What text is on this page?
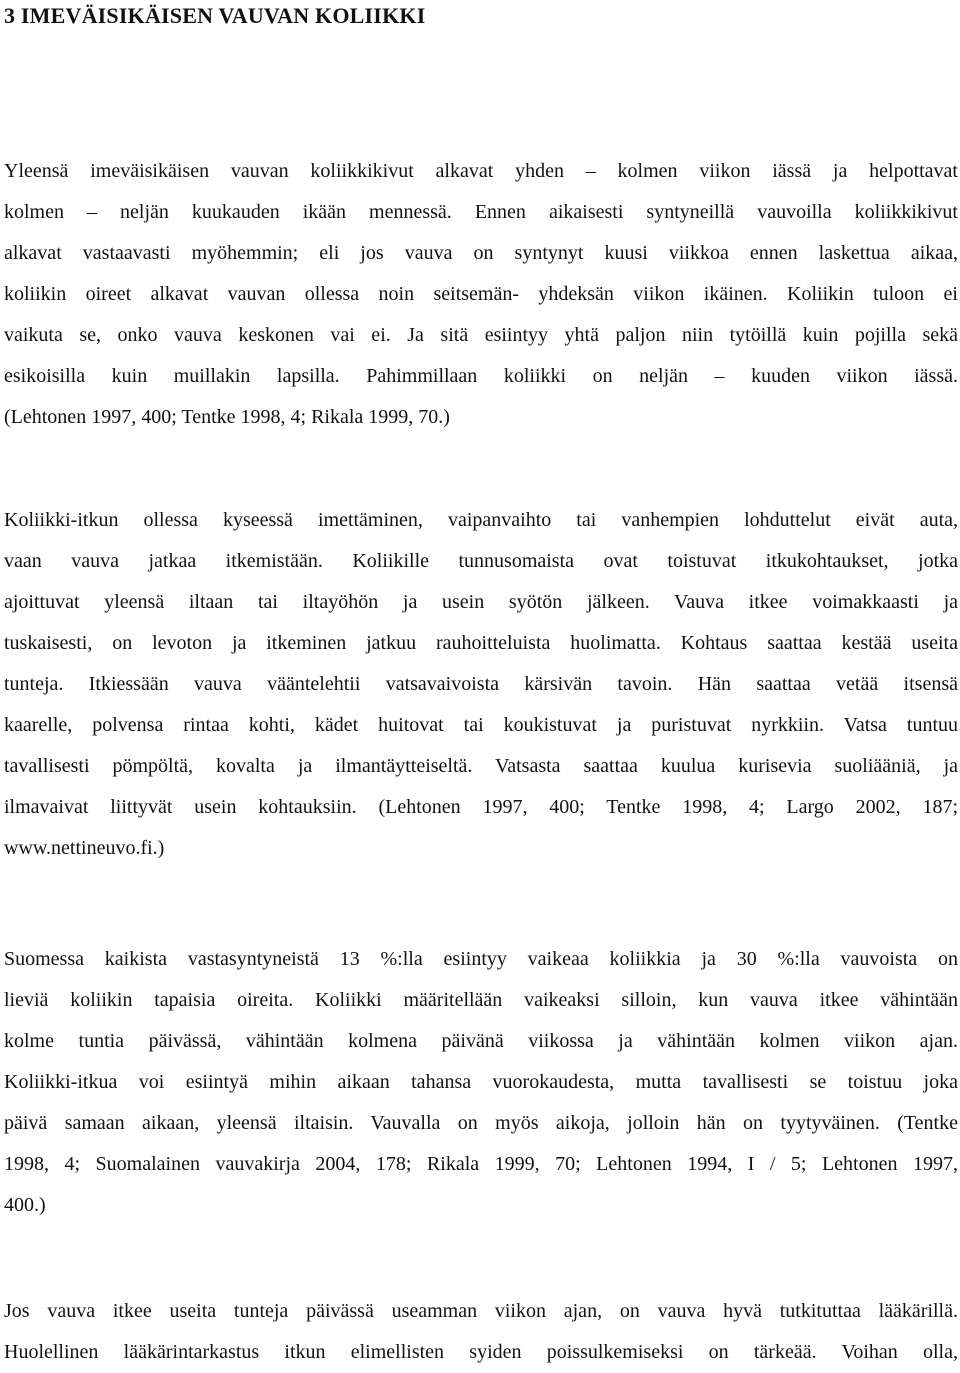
3 IMEVÄISIKÄISEN VAUVAN KOLIIKKI
Yleensä imeväisikäisen vauvan koliikkikivut alkavat yhden – kolmen viikon iässä ja helpottavat
kolmen – neljän kuukauden ikään mennessä. Ennen aikaisesti syntyneillä vauvoilla koliikkikivut
alkavat vastaavasti myöhemmin; eli jos vauva on syntynyt kuusi viikkoa ennen laskettua aikaa,
koliikin oireet alkavat vauvan ollessa noin seitsemän- yhdeksän viikon ikäinen. Koliikin tuloon ei
vaikuta se, onko vauva keskonen vai ei. Ja sitä esiintyy yhtä paljon niin tytöillä kuin pojilla sekä
esikoisilla kuin muillakin lapsilla. Pahimmillaan koliikki on neljän – kuuden viikon iässä.
(Lehtonen 1997, 400; Tentke 1998, 4; Rikala 1999, 70.)
Koliikki-itkun ollessa kyseessä imettäminen, vaipanvaihto tai vanhempien lohduttelut eivät auta,
vaan vauva jatkaa itkemistään. Koliikille tunnusomaista ovat toistuvat itkukohtaukset, jotka
ajoittuvat yleensä iltaan tai iltayöhön ja usein syötön jälkeen. Vauva itkee voimakkaasti ja
tuskaisesti, on levoton ja itkeminen jatkuu rauhoitteluista huolimatta. Kohtaus saattaa kestää useita
tunteja. Itkiessään vauva vääntelehtii vatsavaivoista kärsivän tavoin. Hän saattaa vetää itsensä
kaarelle, polvensa rintaa kohti, kädet huitovat tai koukistuvat ja puristuvat nyrkkiin. Vatsa tuntuu
tavallisesti pömpöltä, kovalta ja ilmantäytteiseltä. Vatsasta saattaa kuulua kurisevia suoliääniä, ja
ilmavaivat liittyvät usein kohtauksiin. (Lehtonen 1997, 400; Tentke 1998, 4; Largo 2002, 187;
www.nettineuvo.fi.)
Suomessa kaikista vastasyntyneistä 13 %:lla esiintyy vaikeaa koliikkia ja 30 %:lla vauvoista on
lieviä koliikin tapaisia oireita. Koliikki määritellään vaikeaksi silloin, kun vauva itkee vähintään
kolme tuntia päivässä, vähintään kolmena päivänä viikossa ja vähintään kolmen viikon ajan.
Koliikki-itkua voi esiintyä mihin aikaan tahansa vuorokaudesta, mutta tavallisesti se toistuu joka
päivä samaan aikaan, yleensä iltaisin. Vauvalla on myös aikoja, jolloin hän on tyytyväinen. (Tentke
1998, 4; Suomalainen vauvakirja 2004, 178; Rikala 1999, 70; Lehtonen 1994, I / 5; Lehtonen 1997,
400.)
Jos vauva itkee useita tunteja päivässä useamman viikon ajan, on vauva hyvä tutkituttaa lääkärillä.
Huolellinen lääkärintarkastus itkun elimellisten syiden poissulkemiseksi on tärkeää. Voihan olla,
